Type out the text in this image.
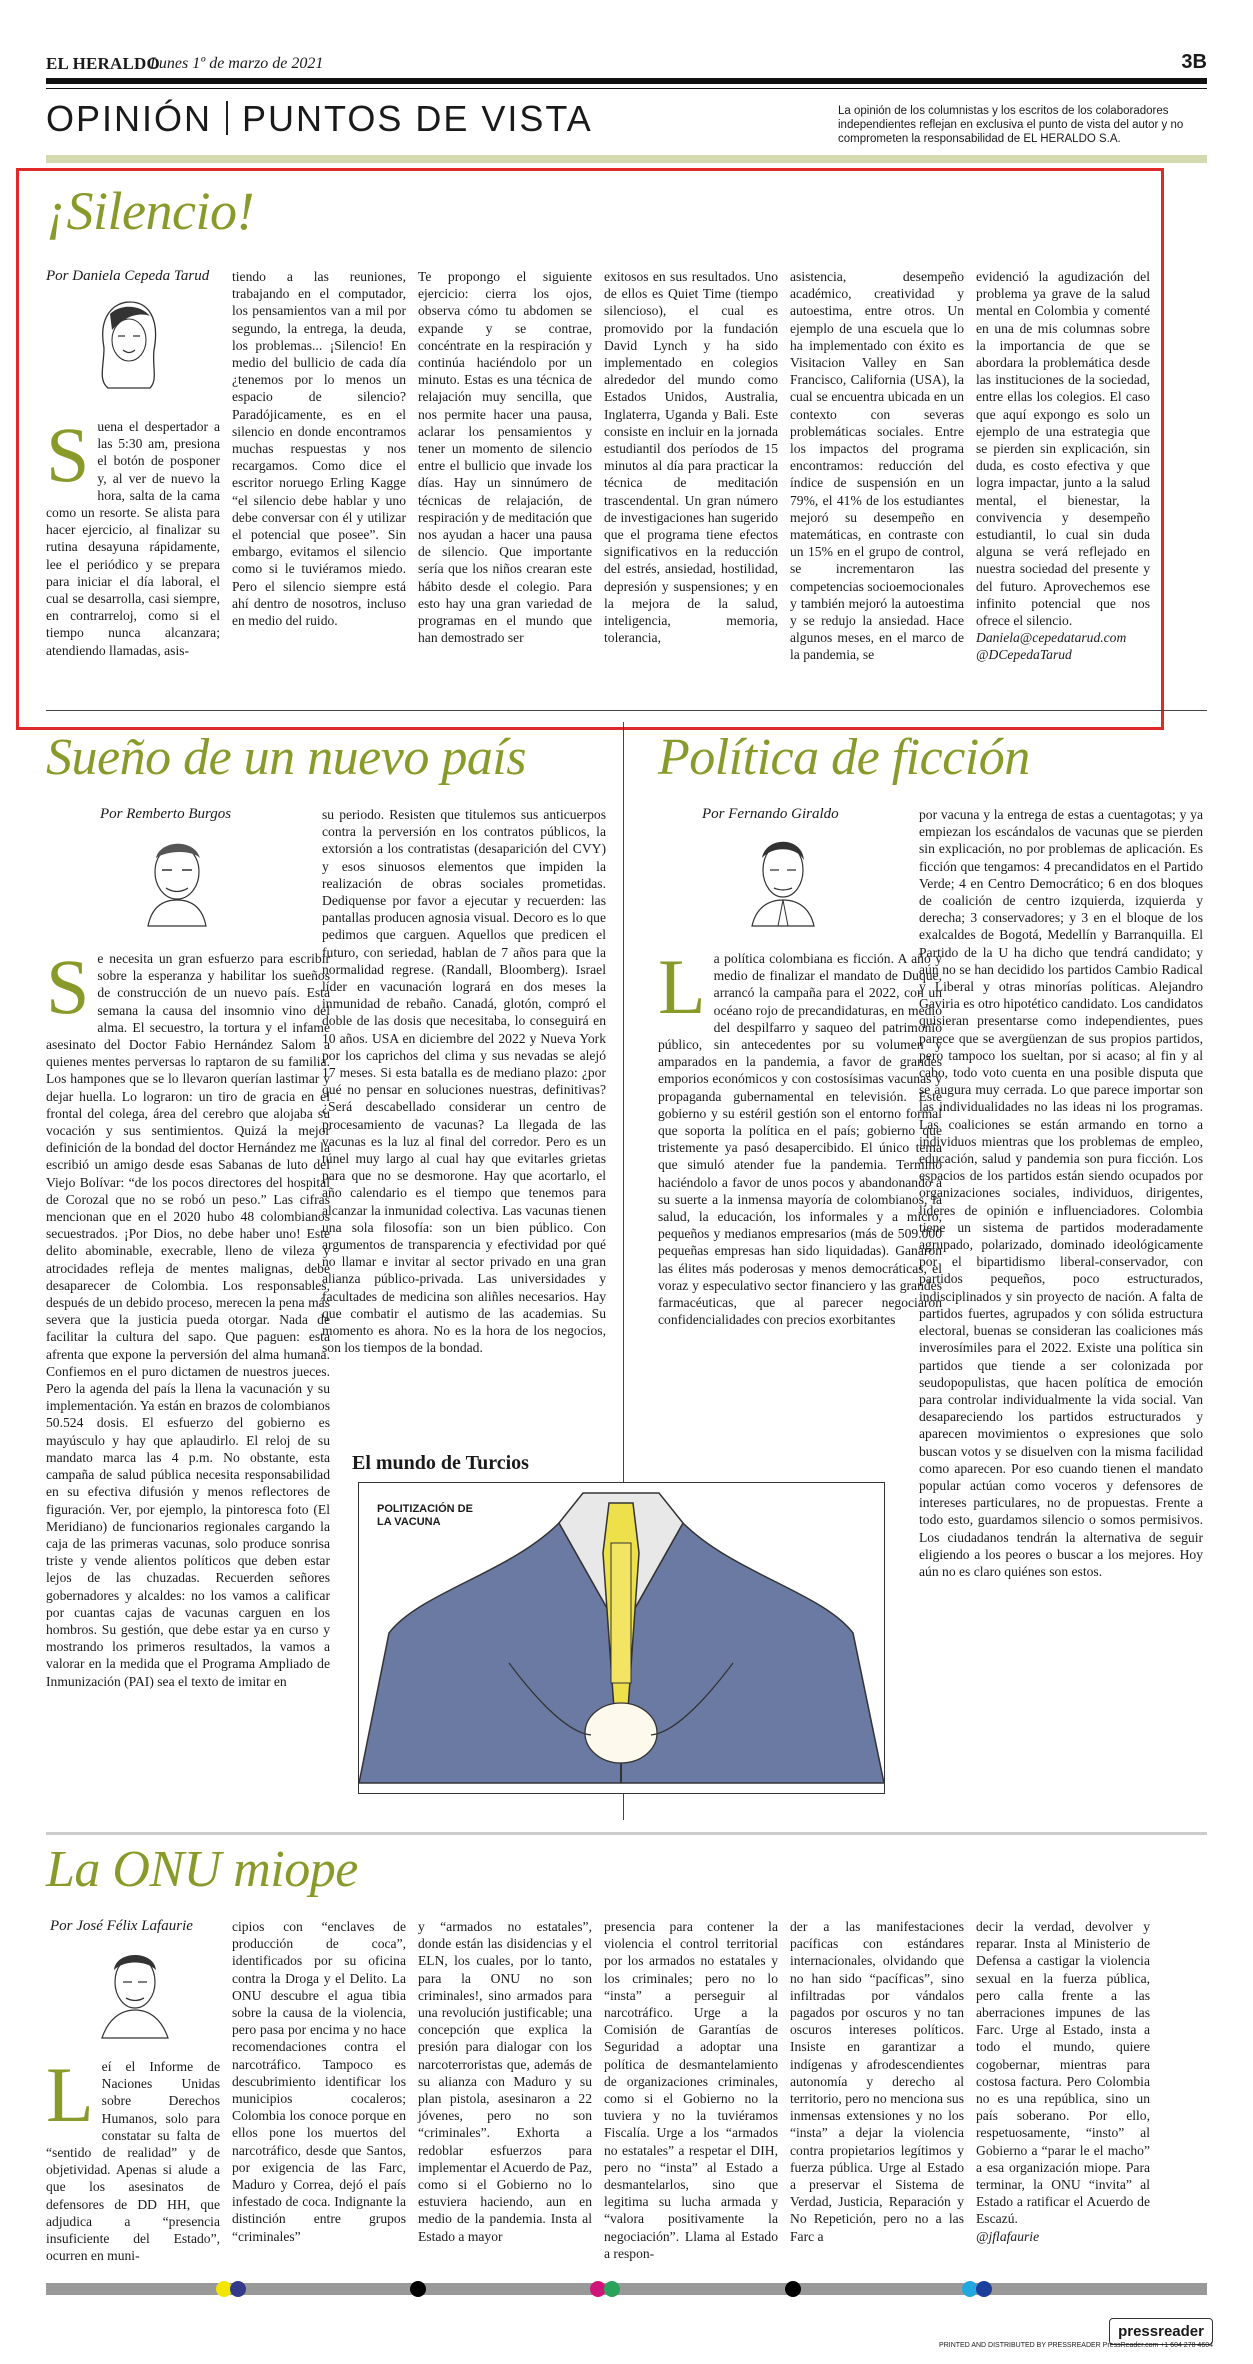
EL HERALDO
Lunes 1º de marzo de 2021	3B
OPINIÓN PUNTOS DE VISTA	La opinión de los columnistas y los escritos de los colaboradores independientes reflejan en exclusiva el punto de vista del autor y no comprometen la responsabilidad de EL HERALDO S.A.
¡Silencio!
Por Daniela Cepeda Tarud
S uena el despertador a las 5:30 am, presiona el botón de posponer y, al ver de nuevo la hora, salta de la cama como un resorte. Se alista para hacer ejercicio, al finalizar su rutina desayuna rápidamente, lee el periódico y se prepara para iniciar el día laboral, el cual se desarrolla, casi siempre, en contrarreloj, como si el tiempo nunca alcanzara; atendiendo llamadas, asis-

tiendo a las reuniones, trabajando en el computador, los pensamientos van a mil por segundo, la entrega, la deuda, los problemas... ¡Silencio! En medio del bullicio de cada día ¿tenemos por lo menos un espacio de silencio? Paradójicamente, es en el silencio en donde encontramos muchas respuestas y nos recargamos. Como dice el escritor noruego Erling Kagge “el silencio debe hablar y uno debe conversar con él y utilizar el potencial que posee”. Sin embargo, evitamos el silencio como si le tuviéramos miedo. Pero el silencio siempre está ahí dentro de nosotros, incluso en medio del ruido.

Te propongo el siguiente ejercicio: cierra los ojos, observa cómo tu abdomen se expande y se contrae, concéntrate en la respiración y continúa haciéndolo por un minuto. Estas es una técnica de relajación muy sencilla, que nos permite hacer una pausa, aclarar los pensamientos y tener un momento de silencio entre el bullicio que invade los días. Hay un sinnúmero de técnicas de relajación, de respiración y de meditación que nos ayudan a hacer una pausa de silencio. Que importante sería que los niños crearan este hábito desde el colegio. Para esto hay una gran variedad de programas en el mundo que han demostrado ser

exitosos en sus resultados. Uno de ellos es Quiet Time (tiempo silencioso), el cual es promovido por la fundación David Lynch y ha sido implementado en colegios alrededor del mundo como Estados Unidos, Australia, Inglaterra, Uganda y Bali. Este consiste en incluir en la jornada estudiantil dos períodos de 15 minutos al día para practicar la técnica de meditación trascendental. Un gran número de investigaciones han sugerido que el programa tiene efectos significativos en la reducción del estrés, ansiedad, hostilidad, depresión y suspensiones; y en la mejora de la salud, inteligencia, memoria, tolerancia,

asistencia, desempeño académico, creatividad y autoestima, entre otros. Un ejemplo de una escuela que lo ha implementado con éxito es Visitacion Valley en San Francisco, California (USA), la cual se encuentra ubicada en un contexto con severas problemáticas sociales. Entre los impactos del programa encontramos: reducción del índice de suspensión en un 79%, el 41% de los estudiantes mejoró su desempeño en matemáticas, en contraste con un 15% en el grupo de control, se incrementaron las competencias socioemocionales y también mejoró la autoestima y se redujo la ansiedad. Hace algunos meses, en el marco de la pandemia, se

evidenció la agudización del problema ya grave de la salud mental en Colombia y comenté en una de mis columnas sobre la importancia de que se abordara la problemática desde las instituciones de la sociedad, entre ellas los colegios. El caso que aquí expongo es solo un ejemplo de una estrategia que se pierden sin explicación, sin duda, es costo efectiva y que logra impactar, junto a la salud mental, el bienestar, la convivencia y desempeño estudiantil, lo cual sin duda alguna se verá reflejado en nuestra sociedad del presente y del futuro. Aprovechemos ese infinito potencial que nos ofrece el silencio.

Daniela@cepedatarud.com

@DCepedaTarud

Sueño de un nuevo país
Por Remberto Burgos
S e necesita un gran esfuerzo para escribir sobre la esperanza y habilitar los sueños de construcción de un nuevo país. Esta semana la causa del insomnio vino del alma. El secuestro, la tortura y el infame asesinato del Doctor Fabio Hernández Salom a quienes mentes perversas lo raptaron de su familia. Los hampones que se lo llevaron querían lastimar y dejar huella. Lo lograron: un tiro de gracia en el frontal del colega, área del cerebro que alojaba su vocación y sus sentimientos. Quizá la mejor definición de la bondad del doctor Hernández me la escribió un amigo desde esas Sabanas de luto del Viejo Bolívar: “de los pocos directores del hospital de Corozal que no se robó un peso.” Las cifras mencionan que en el 2020 hubo 48 colombianos secuestrados. ¡Por Dios, no debe haber uno! Este delito abominable, execrable, lleno de vileza y atrocidades refleja de mentes malignas, debe desaparecer de Colombia. Los responsables, después de un debido proceso, merecen la pena más severa que la justicia pueda otorgar. Nada de facilitar la cultura del sapo. Que paguen: esta afrenta que expone la perversión del alma humana. Confiemos en el puro dictamen de nuestros jueces. Pero la agenda del país la llena la vacunación y su implementación. Ya están en brazos de colombianos 50.524 dosis. El esfuerzo del gobierno es mayúsculo y hay que aplaudirlo. El reloj de su mandato marca las 4 p.m. No obstante, esta campaña de salud pública necesita responsabilidad en su efectiva difusión y menos reflectores de figuración. Ver, por ejemplo, la pintoresca foto (El Meridiano) de funcionarios regionales cargando la caja de las primeras vacunas, solo produce sonrisa triste y vende alientos políticos que deben estar lejos de las chuzadas. Recuerden señores gobernadores y alcaldes: no los vamos a calificar por cuantas cajas de vacunas carguen en los hombros. Su gestión, que debe estar ya en curso y mostrando los primeros resultados, la vamos a valorar en la medida que el Programa Ampliado de Inmunización (PAI) sea el texto de imitar en

su periodo. Resisten que titulemos sus anticuerpos contra la perversión en los contratos públicos, la extorsión a los contratistas (desaparición del CVY) y esos sinuosos elementos que impiden la realización de obras sociales prometidas. Dediquense por favor a ejecutar y recuerden: las pantallas producen agnosia visual. Decoro es lo que pedimos que carguen. Aquellos que predicen el futuro, con seriedad, hablan de 7 años para que la normalidad regrese. (Randall, Bloomberg). Israel líder en vacunación logrará en dos meses la inmunidad de rebaño. Canadá, glotón, compró el doble de las dosis que necesitaba, lo conseguirá en 10 años. USA en diciembre del 2022 y Nueva York por los caprichos del clima y sus nevadas se alejó 17 meses. Si esta batalla es de mediano plazo: ¿por qué no pensar en soluciones nuestras, definitivas? ¿Será descabellado considerar un centro de procesamiento de vacunas? La llegada de las vacunas es la luz al final del corredor. Pero es un túnel muy largo al cual hay que evitarles grietas para que no se desmorone. Hay que acortarlo, el año calendario es el tiempo que tenemos para alcanzar la inmunidad colectiva. Las vacunas tienen una sola filosofía: son un bien público. Con argumentos de transparencia y efectividad por qué no llamar e invitar al sector privado en una gran alianza público-privada. Las universidades y facultades de medicina son aliñles necesarios. Hay que combatir el autismo de las academias. Su momento es ahora. No es la hora de los negocios, son los tiempos de la bondad.

Política de ficción
Por Fernando Giraldo
L a política colombiana es ficción. A año y medio de finalizar el mandato de Duque, arrancó la campaña para el 2022, con un océano rojo de precandidaturas, en medio del despilfarro y saqueo del patrimonio público, sin antecedentes por su volumen y amparados en la pandemia, a favor de grandes emporios económicos y con costosísimas vacunas y propaganda gubernamental en televisión. Este gobierno y su estéril gestión son el entorno formal que soporta la política en el país; gobierno que tristemente ya pasó desapercibido. El único tema que simuló atender fue la pandemia. Terminó haciéndolo a favor de unos pocos y abandonando a su suerte a la inmensa mayoría de colombianos, la salud, la educación, los informales y a micro, pequeños y medianos empresarios (más de 509.000 pequeñas empresas han sido liquidadas). Ganaron las élites más poderosas y menos democráticas, el voraz y especulativo sector financiero y las grandes farmacéuticas, que al parecer negociaron confidencialidades con precios exorbitantes

por vacuna y la entrega de estas a cuentagotas; y ya empiezan los escándalos de vacunas que se pierden sin explicación, no por problemas de aplicación. Es ficción que tengamos: 4 precandidatos en el Partido Verde; 4 en Centro Democrático; 6 en dos bloques de coalición de centro izquierda, izquierda y derecha; 3 conservadores; y 3 en el bloque de los exalcaldes de Bogotá, Medellín y Barranquilla. El Partido de la U ha dicho que tendrá candidato; y aún no se han decidido los partidos Cambio Radical y Liberal y otras minorías políticas. Alejandro Gaviria es otro hipotético candidato. Los candidatos quisieran presentarse como independientes, pues parece que se avergüenzan de sus propios partidos, pero tampoco los sueltan, por si acaso; al fin y al cabo, todo voto cuenta en una posible disputa que se augura muy cerrada. Lo que parece importar son las individualidades no las ideas ni los programas. Las coaliciones se están armando en torno a individuos mientras que los problemas de empleo, educación, salud y pandemia son pura ficción. Los espacios de los partidos están siendo ocupados por organizaciones sociales, individuos, dirigentes, líderes de opinión e influenciadores. Colombia tiene un sistema de partidos moderadamente agrupado, polarizado, dominado ideológicamente por el bipartidismo liberal-conservador, con partidos pequeños, poco estructurados, indisciplinados y sin proyecto de nación. A falta de partidos fuertes, agrupados y con sólida estructura electoral, buenas se consideran las coaliciones más inverosímiles para el 2022. Existe una política sin partidos que tiende a ser colonizada por seudopopulistas, que hacen política de emoción para controlar individualmente la vida social. Van desapareciendo los partidos estructurados y aparecen movimientos o expresiones que solo buscan votos y se disuelven con la misma facilidad como aparecen. Por eso cuando tienen el mandato popular actúan como voceros y defensores de intereses particulares, no de propuestas. Frente a todo esto, guardamos silencio o somos permisivos. Los ciudadanos tendrán la alternativa de seguir eligiendo a los peores o buscar a los mejores. Hoy aún no es claro quiénes son estos.

El mundo de Turcios
POLITIZACIÓN DE LA VACUNA
La ONU miope
Por José Félix Lafaurie
L eí el Informe de Naciones Unidas sobre Derechos Humanos, solo para constatar su falta de “sentido de realidad” y de objetividad. Apenas si alude a que los asesinatos de defensores de DD HH, que adjudica a “presencia insuficiente del Estado”, ocurren en muni-

cipios con “enclaves de producción de coca”, identificados por su oficina contra la Droga y el Delito. La ONU descubre el agua tibia sobre la causa de la violencia, pero pasa por encima y no hace recomendaciones contra el narcotráfico. Tampoco es descubrimiento identificar los municipios cocaleros; Colombia los conoce porque en ellos pone los muertos del narcotráfico, desde que Santos, por exigencia de las Farc, Maduro y Correa, dejó el país infestado de coca. Indignante la distinción entre grupos “criminales”

y “armados no estatales”, donde están las disidencias y el ELN, los cuales, por lo tanto, para la ONU no son criminales!, sino armados para una revolución justificable; una concepción que explica la presión para dialogar con los narcoterroristas que, además de su alianza con Maduro y su plan pistola, asesinaron a 22 jóvenes, pero no son “criminales”. Exhorta a redoblar esfuerzos para implementar el Acuerdo de Paz, como si el Gobierno no lo estuviera haciendo, aun en medio de la pandemia. Insta al Estado a mayor

presencia para contener la violencia el control territorial por los armados no estatales y los criminales; pero no lo “insta” a perseguir al narcotráfico. Urge a la Comisión de Garantías de Seguridad a adoptar una política de desmantelamiento de organizaciones criminales, como si el Gobierno no la tuviera y no la tuviéramos Fiscalía. Urge a los “armados no estatales” a respetar el DIH, pero no “insta” al Estado a desmantelarlos, sino que legitima su lucha armada y “valora positivamente la negociación”. Llama al Estado a respon-

der a las manifestaciones pacíficas con estándares internacionales, olvidando que no han sido “pacíficas”, sino infiltradas por vándalos pagados por oscuros y no tan oscuros intereses políticos. Insiste en garantizar a indígenas y afrodescendientes autonomía y derecho al territorio, pero no menciona sus inmensas extensiones y no los “insta” a dejar la violencia contra propietarios legítimos y fuerza pública. Urge al Estado a preservar el Sistema de Verdad, Justicia, Reparación y No Repetición, pero no a las Farc a

decir la verdad, devolver y reparar. Insta al Ministerio de Defensa a castigar la violencia sexual en la fuerza pública, pero calla frente a las aberraciones impunes de las Farc. Urge al Estado, insta a todo el mundo, quiere cogobernar, mientras para costosa factura. Pero Colombia no es una república, sino un país soberano. Por ello, respetuosamente, “insto” al Gobierno a “parar le el macho” a esa organización miope. Para terminar, la ONU “invita” al Estado a ratificar el Acuerdo de Escazú.

@jflafaurie

pressreader
PRINTED AND DISTRIBUTED BY PRESSREADER PressReader.com +1 604 278 4604
